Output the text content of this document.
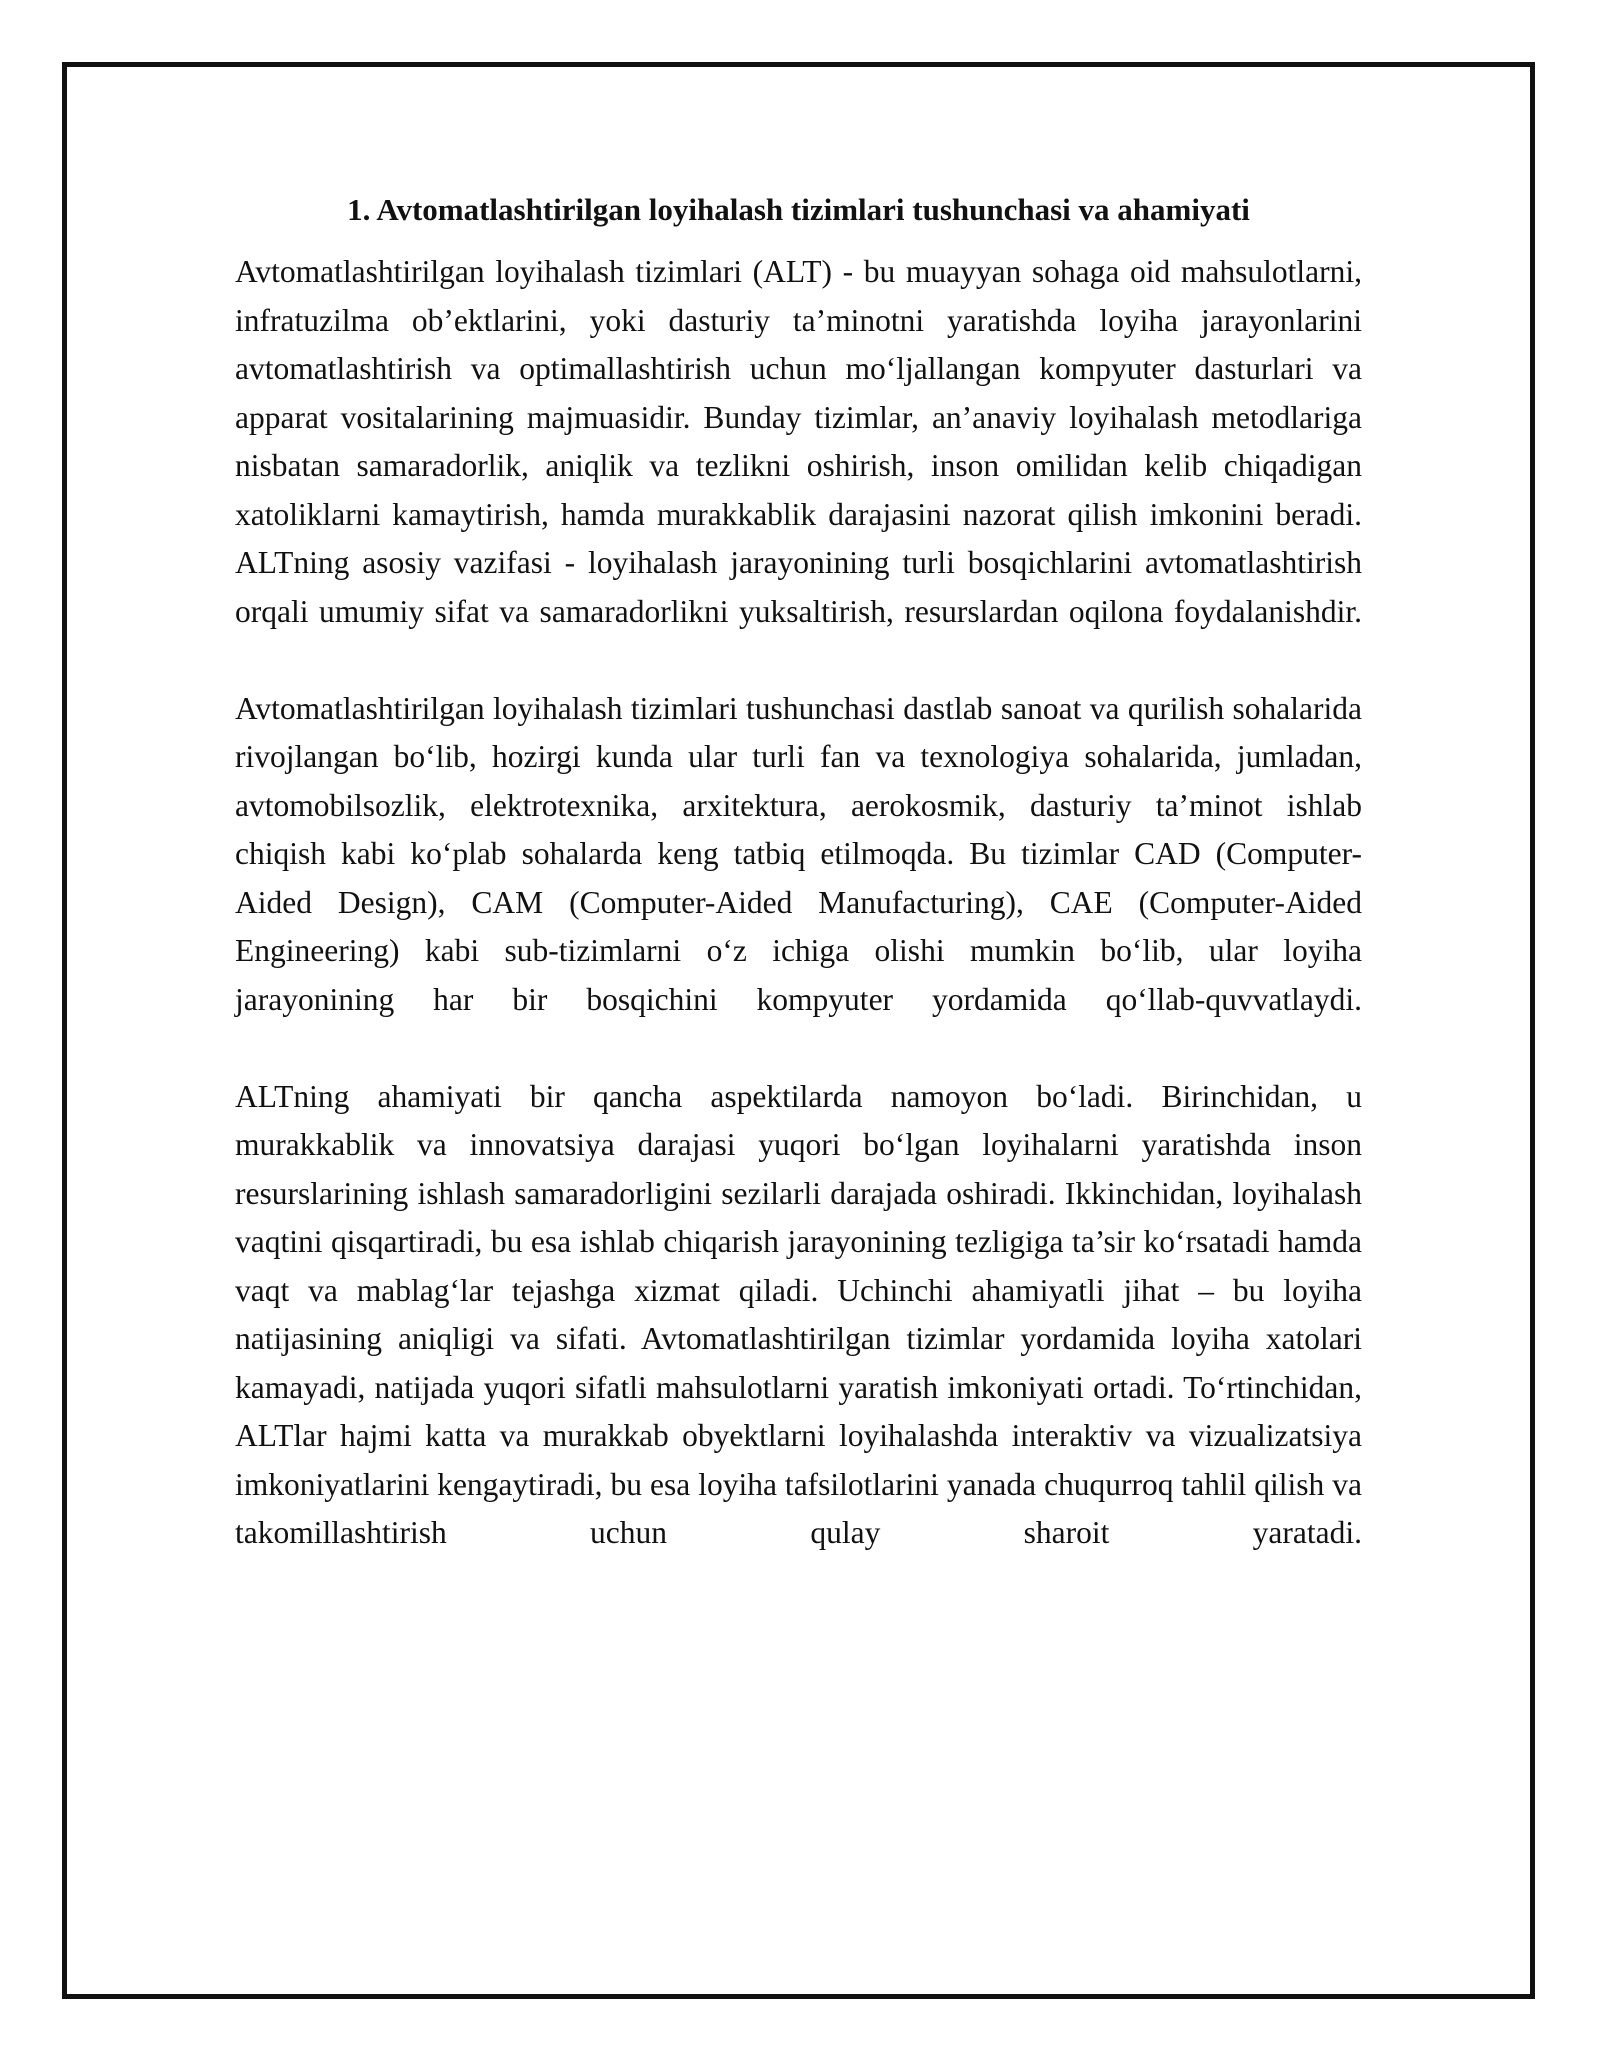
1. Avtomatlashtirilgan loyihalash tizimlari tushunchasi va ahamiyati

Avtomatlashtirilgan loyihalash tizimlari (ALT) - bu muayyan sohaga oid mahsulotlarni, infratuzilma ob’ektlarini, yoki dasturiy ta’minotni yaratishda loyiha jarayonlarini avtomatlashtirish va optimallashtirish uchun mo‘ljallangan kompyuter dasturlari va apparat vositalarining majmuasidir. Bunday tizimlar, an’anaviy loyihalash metodlariga nisbatan samaradorlik, aniqlik va tezlikni oshirish, inson omilidan kelib chiqadigan xatoliklarni kamaytirish, hamda murakkablik darajasini nazorat qilish imkonini beradi. ALTning asosiy vazifasi - loyihalash jarayonining turli bosqichlarini avtomatlashtirish orqali umumiy sifat va samaradorlikni yuksaltirish, resurslardan oqilona foydalanishdir.

Avtomatlashtirilgan loyihalash tizimlari tushunchasi dastlab sanoat va qurilish sohalarida rivojlangan bo‘lib, hozirgi kunda ular turli fan va texnologiya sohalarida, jumladan, avtomobilsozlik, elektrotexnika, arxitektura, aerokosmik, dasturiy ta’minot ishlab chiqish kabi ko‘plab sohalarda keng tatbiq etilmoqda. Bu tizimlar CAD (Computer-Aided Design), CAM (Computer-Aided Manufacturing), CAE (Computer-Aided Engineering) kabi sub-tizimlarni o‘z ichiga olishi mumkin bo‘lib, ular loyiha jarayonining har bir bosqichini kompyuter yordamida qo‘llab-quvvatlaydi.

ALTning ahamiyati bir qancha aspektilarda namoyon bo‘ladi. Birinchidan, u murakkablik va innovatsiya darajasi yuqori bo‘lgan loyihalarni yaratishda inson resurslarining ishlash samaradorligini sezilarli darajada oshiradi. Ikkinchidan, loyihalash vaqtini qisqartiradi, bu esa ishlab chiqarish jarayonining tezligiga ta’sir ko‘rsatadi hamda vaqt va mablag‘lar tejashga xizmat qiladi. Uchinchi ahamiyatli jihat – bu loyiha natijasining aniqligi va sifati. Avtomatlashtirilgan tizimlar yordamida loyiha xatolari kamayadi, natijada yuqori sifatli mahsulotlarni yaratish imkoniyati ortadi. To‘rtinchidan, ALTlar hajmi katta va murakkab obyektlarni loyihalashda interaktiv va vizualizatsiya imkoniyatlarini kengaytiradi, bu esa loyiha tafsilotlarini yanada chuqurroq tahlil qilish va takomillashtirish uchun qulay sharoit yaratadi.
